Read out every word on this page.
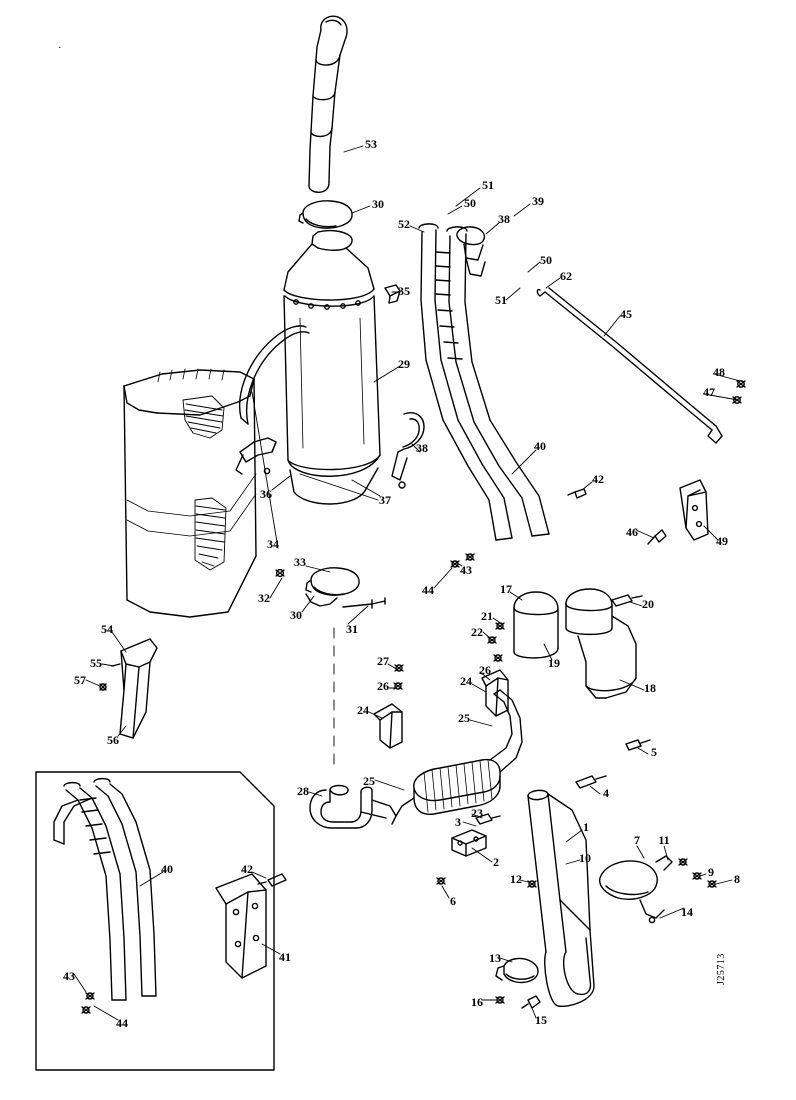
·
J25713
53
30
51
50	39
52	38
50
62
51
35
45
29
48
47
40
38
42
36	37
46
49
34
33
32
30
31
43
44	17
20
21
22
19
18
54
55
57
56
27
26
26
24
24
25
25
28
5
4
23
3	1
7 11
2	10
9 8
12
6
14
13
16
15
40	42
41
43
44
